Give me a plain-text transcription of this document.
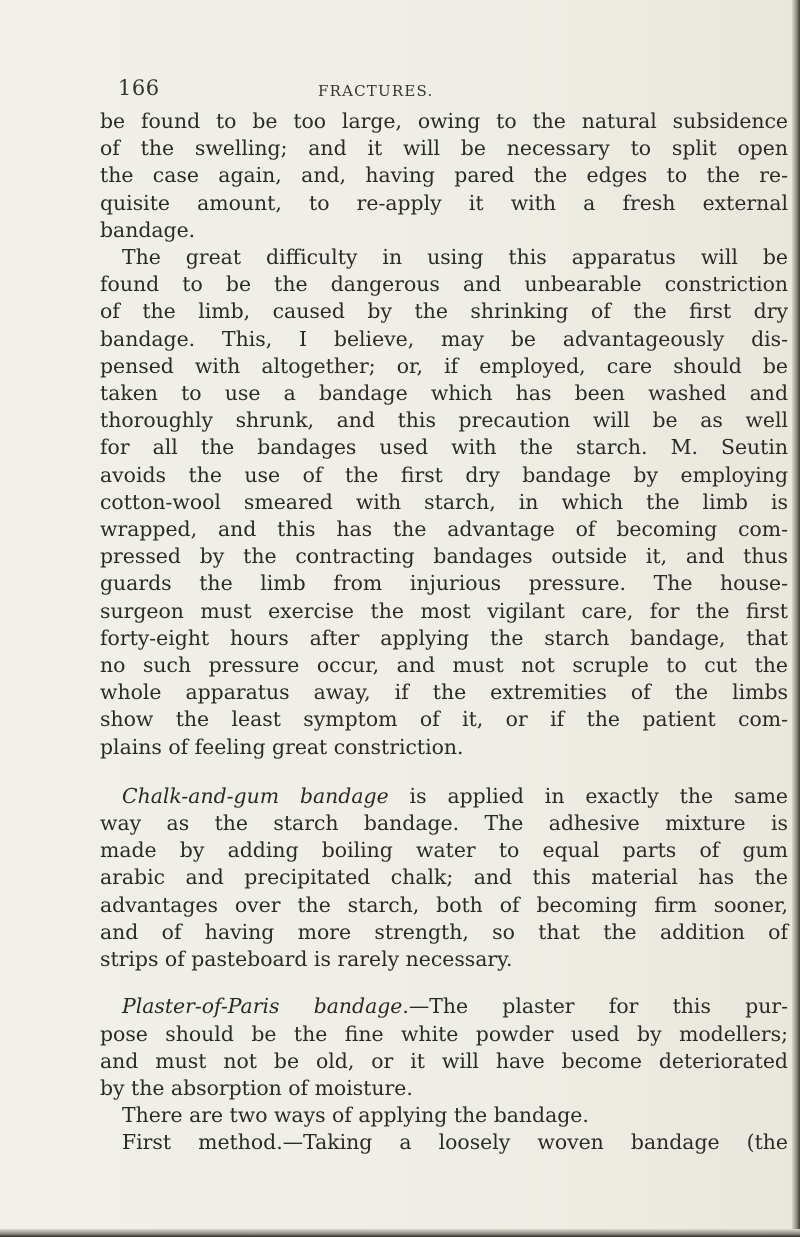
166	FRACTURES.
be found to be too large, owing to the natural subsidence
of the swelling; and it will be necessary to split open
the case again, and, having pared the edges to the re-
quisite amount, to re-apply it with a fresh external
bandage.
The great difficulty in using this apparatus will be
found to be the dangerous and unbearable constriction
of the limb, caused by the shrinking of the first dry
bandage. This, I believe, may be advantageously dis-
pensed with altogether; or, if employed, care should be
taken to use a bandage which has been washed and
thoroughly shrunk, and this precaution will be as well
for all the bandages used with the starch. M. Seutin
avoids the use of the first dry bandage by employing
cotton-wool smeared with starch, in which the limb is
wrapped, and this has the advantage of becoming com-
pressed by the contracting bandages outside it, and thus
guards the limb from injurious pressure. The house-
surgeon must exercise the most vigilant care, for the first
forty-eight hours after applying the starch bandage, that
no such pressure occur, and must not scruple to cut the
whole apparatus away, if the extremities of the limbs
show the least symptom of it, or if the patient com-
plains of feeling great constriction.
Chalk-and-gum bandage is applied in exactly the same
way as the starch bandage. The adhesive mixture is
made by adding boiling water to equal parts of gum
arabic and precipitated chalk; and this material has the
advantages over the starch, both of becoming firm sooner,
and of having more strength, so that the addition of
strips of pasteboard is rarely necessary.
Plaster-of-Paris bandage.—The plaster for this pur-
pose should be the fine white powder used by modellers;
and must not be old, or it will have become deteriorated
by the absorption of moisture.
There are two ways of applying the bandage.
First method.—Taking a loosely woven bandage (the
